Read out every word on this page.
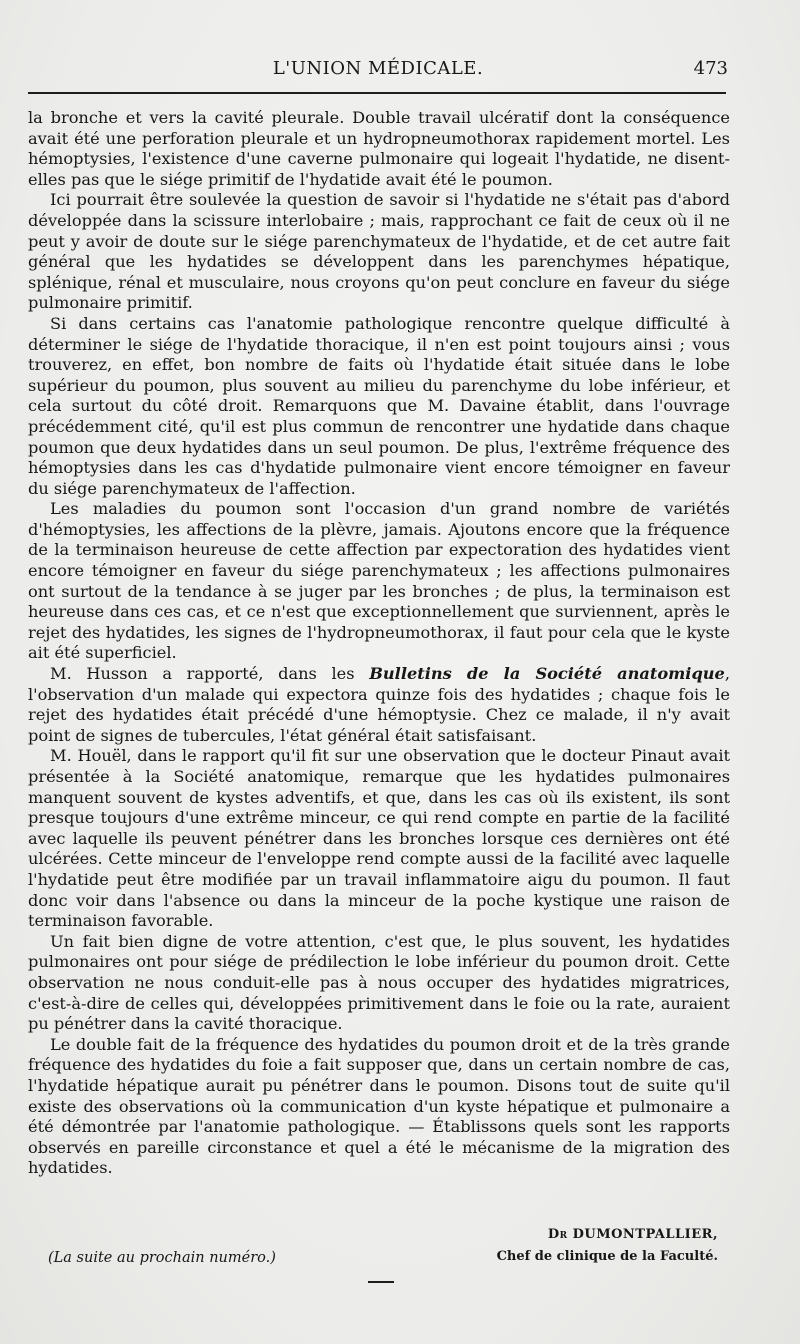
L'UNION MÉDICALE.	473

la bronche et vers la cavité pleurale. Double travail ulcératif dont la conséquence avait été une perforation pleurale et un hydropneumothorax rapidement mortel. Les hémoptysies, l'existence d'une caverne pulmonaire qui logeait l'hydatide, ne disent-elles pas que le siége primitif de l'hydatide avait été le poumon.

Ici pourrait être soulevée la question de savoir si l'hydatide ne s'était pas d'abord développée dans la scissure interlobaire ; mais, rapprochant ce fait de ceux où il ne peut y avoir de doute sur le siége parenchymateux de l'hydatide, et de cet autre fait général que les hydatides se développent dans les parenchymes hépatique, splénique, rénal et musculaire, nous croyons qu'on peut conclure en faveur du siége pulmonaire primitif.

Si dans certains cas l'anatomie pathologique rencontre quelque difficulté à déterminer le siége de l'hydatide thoracique, il n'en est point toujours ainsi ; vous trouverez, en effet, bon nombre de faits où l'hydatide était située dans le lobe supérieur du poumon, plus souvent au milieu du parenchyme du lobe inférieur, et cela surtout du côté droit. Remarquons que M. Davaine établit, dans l'ouvrage précédemment cité, qu'il est plus commun de rencontrer une hydatide dans chaque poumon que deux hydatides dans un seul poumon. De plus, l'extrême fréquence des hémoptysies dans les cas d'hydatide pulmonaire vient encore témoigner en faveur du siége parenchymateux de l'affection.

Les maladies du poumon sont l'occasion d'un grand nombre de variétés d'hémoptysies, les affections de la plèvre, jamais. Ajoutons encore que la fréquence de la terminaison heureuse de cette affection par expectoration des hydatides vient encore témoigner en faveur du siége parenchymateux ; les affections pulmonaires ont surtout de la tendance à se juger par les bronches ; de plus, la terminaison est heureuse dans ces cas, et ce n'est que exceptionnellement que surviennent, après le rejet des hydatides, les signes de l'hydropneumothorax, il faut pour cela que le kyste ait été superficiel.

M. Husson a rapporté, dans les Bulletins de la Société anatomique, l'observation d'un malade qui expectora quinze fois des hydatides ; chaque fois le rejet des hydatides était précédé d'une hémoptysie. Chez ce malade, il n'y avait point de signes de tubercules, l'état général était satisfaisant.

M. Houël, dans le rapport qu'il fit sur une observation que le docteur Pinaut avait présentée à la Société anatomique, remarque que les hydatides pulmonaires manquent souvent de kystes adventifs, et que, dans les cas où ils existent, ils sont presque toujours d'une extrême minceur, ce qui rend compte en partie de la facilité avec laquelle ils peuvent pénétrer dans les bronches lorsque ces dernières ont été ulcérées. Cette minceur de l'enveloppe rend compte aussi de la facilité avec laquelle l'hydatide peut être modifiée par un travail inflammatoire aigu du poumon. Il faut donc voir dans l'absence ou dans la minceur de la poche kystique une raison de terminaison favorable.

Un fait bien digne de votre attention, c'est que, le plus souvent, les hydatides pulmonaires ont pour siége de prédilection le lobe inférieur du poumon droit. Cette observation ne nous conduit-elle pas à nous occuper des hydatides migratrices, c'est-à-dire de celles qui, développées primitivement dans le foie ou la rate, auraient pu pénétrer dans la cavité thoracique.

Le double fait de la fréquence des hydatides du poumon droit et de la très grande fréquence des hydatides du foie a fait supposer que, dans un certain nombre de cas, l'hydatide hépatique aurait pu pénétrer dans le poumon. Disons tout de suite qu'il existe des observations où la communication d'un kyste hépatique et pulmonaire a été démontrée par l'anatomie pathologique. — Établissons quels sont les rapports observés en pareille circonstance et quel a été le mécanisme de la migration des hydatides.

Dr DUMONTPALLIER,
Chef de clinique de la Faculté.
(La suite au prochain numéro.)
